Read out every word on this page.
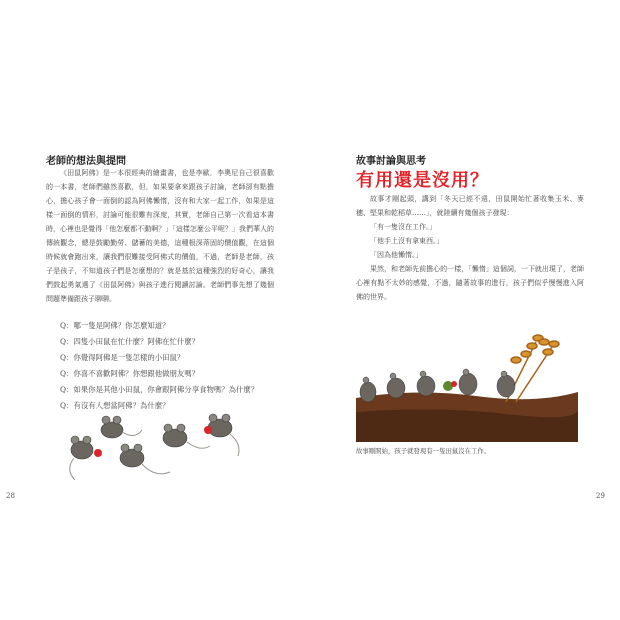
老師的想法與提問

《田鼠阿佛》是一本很經典的繪畫書，也是李歐．李奧尼自己很喜歡的一本書，老師們雖然喜歡，但，如果要拿來跟孩子討論，老師卻有點擔心，擔心孩子會一面倒的認為阿佛懶惰，沒有和大家一起工作，如果是這樣一面倒的情形，討論可能很難有深度，其實，老師自己第一次看這本書時，心裡也是覺得「他怎麼都不動啊？」「這樣怎麼公平呢？」我們華人的傳統觀念，總是鼓勵勤勞、儲蓄的美德，這種根深蒂固的價值觀，在這個時候就會跑出來，讓我們很難接受阿佛式的價值，不過，老師是老師，孩子是孩子，不知道孩子們是怎麼想的？就是基於這種強烈的好奇心，讓我們鼓起勇氣選了《田鼠阿佛》與孩子進行閱讀討論。老師們事先想了幾個問題準備跟孩子聊聊。

Q：哪一隻是阿佛？你怎麼知道？
Q：四隻小田鼠在忙什麼？阿佛在忙什麼？
Q：你覺得阿佛是一隻怎樣的小田鼠？
Q：你喜不喜歡阿佛？你想跟他做朋友嗎？
Q：如果你是其他小田鼠，你會跟阿佛分享食物嗎？為什麼？
Q：有沒有人想當阿佛？為什麼？
28
故事討論與思考
有用還是沒用？

故事才剛起頭，講到「冬天已經不遠，田鼠開始忙著收集玉米、麥穗、堅果和乾稻草……」，就陸續有幾個孩子發現：

「有一隻沒在工作。」
「他手上沒有拿東西。」
「因為他懶惰。」

果然，和老師先前擔心的一樣，「懶惰」這個詞，一下就出現了，老師心裡有點不太妙的感覺，不過，隨著故事的進行，孩子們似乎慢慢進入阿佛的世界。

故事剛開始，孩子就發現有一隻田鼠沒在工作。
29
